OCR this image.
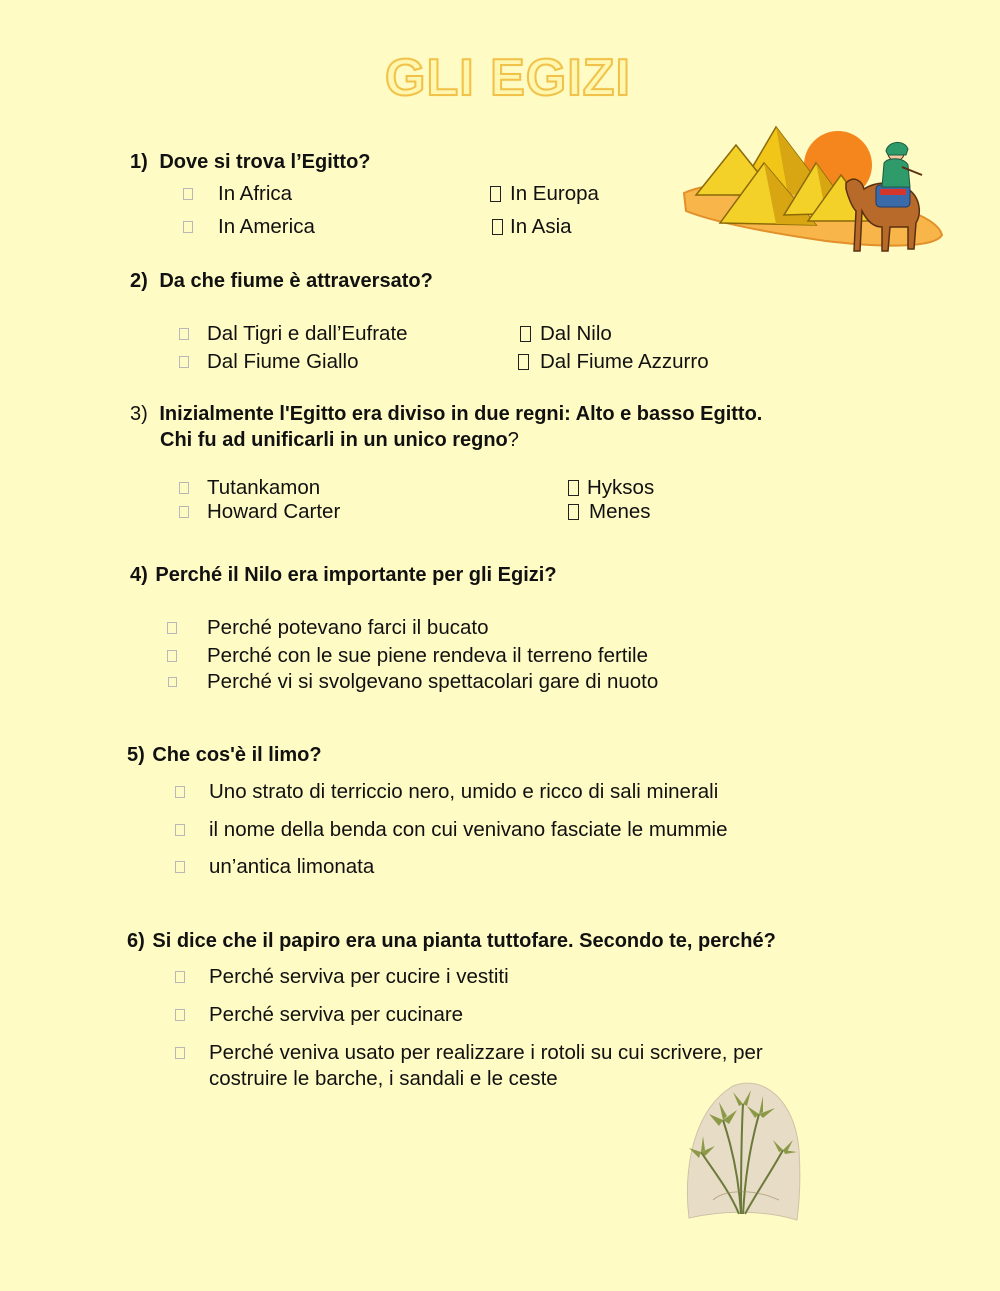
GLI EGIZI
1) Dove si trova l’Egitto?
In Africa
In America
In Europa
In Asia
2) Da che fiume è attraversato?
Dal Tigri e dall’Eufrate
Dal Fiume Giallo
Dal Nilo
Dal Fiume Azzurro
3) Inizialmente l'Egitto era diviso in due regni: Alto e basso Egitto.
Chi fu ad unificarli in un unico regno?
Tutankamon
Howard Carter
Hyksos
Menes
4) Perché il Nilo era importante per gli Egizi?
Perché potevano farci il bucato
Perché con le sue piene rendeva il terreno fertile
Perché vi si svolgevano spettacolari gare di nuoto
5) Che cos'è il limo?
Uno strato di terriccio nero, umido e ricco di sali minerali
il nome della benda con cui venivano fasciate le mummie
un’antica limonata
6) Si dice che il papiro era una pianta tuttofare. Secondo te, perché?
Perché serviva per cucire i vestiti
Perché serviva per cucinare
Perché veniva usato per realizzare i rotoli su cui scrivere, per
costruire le barche, i sandali e le ceste
